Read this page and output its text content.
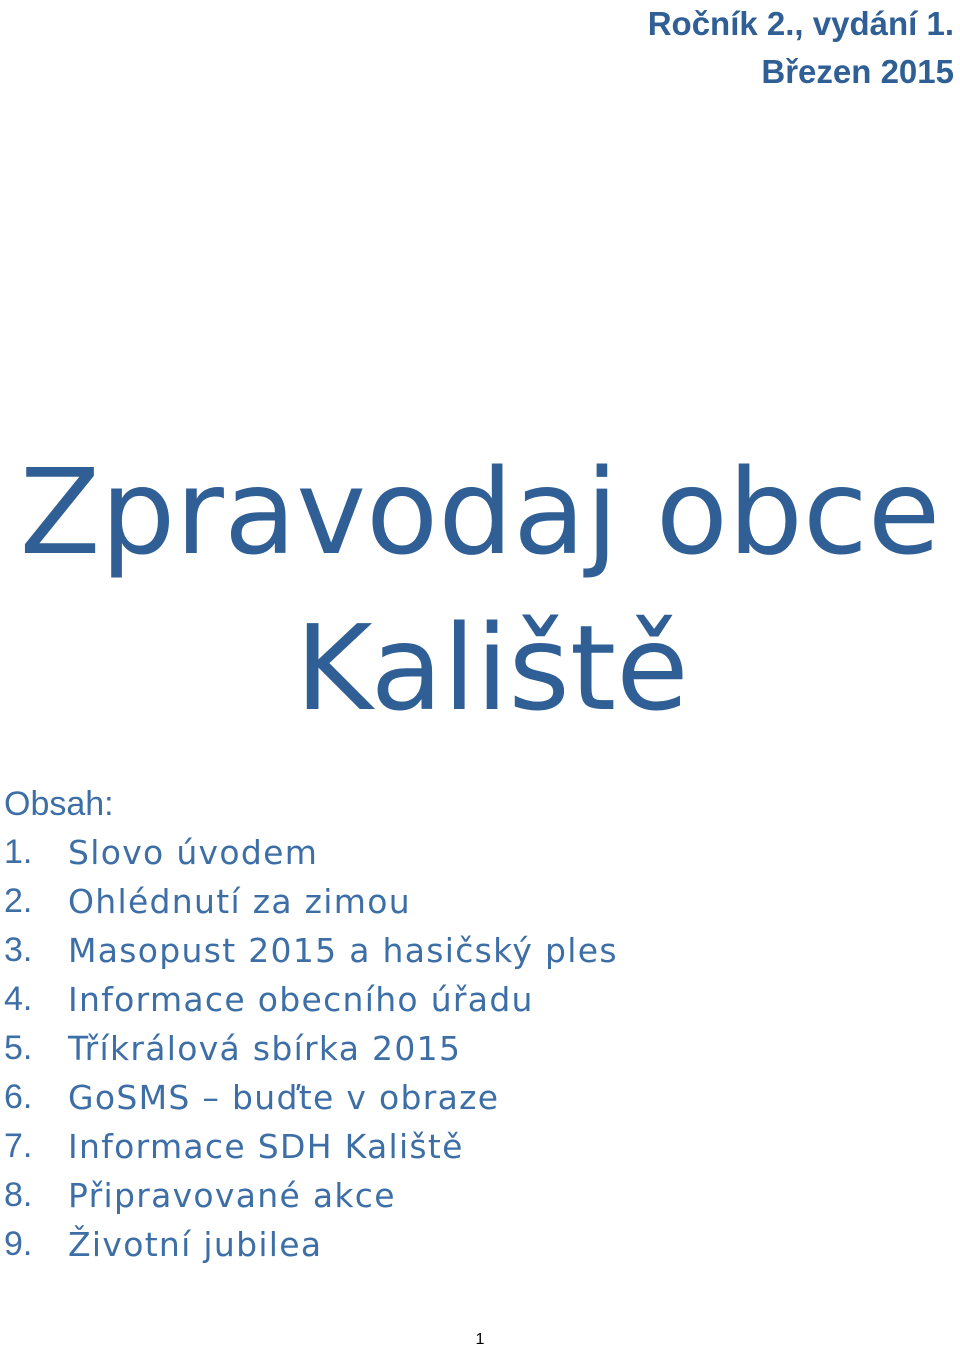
Ročník 2., vydání 1.
Březen 2015
Zpravodaj obce
Kaliště
Obsah:
1. Slovo úvodem
2. Ohlédnutí za zimou
3. Masopust 2015 a hasičský ples
4. Informace obecního úřadu
5. Tříkrálová sbírka 2015
6. GoSMS – buďte v obraze
7. Informace SDH Kaliště
8. Připravované akce
9. Životní jubilea
1
